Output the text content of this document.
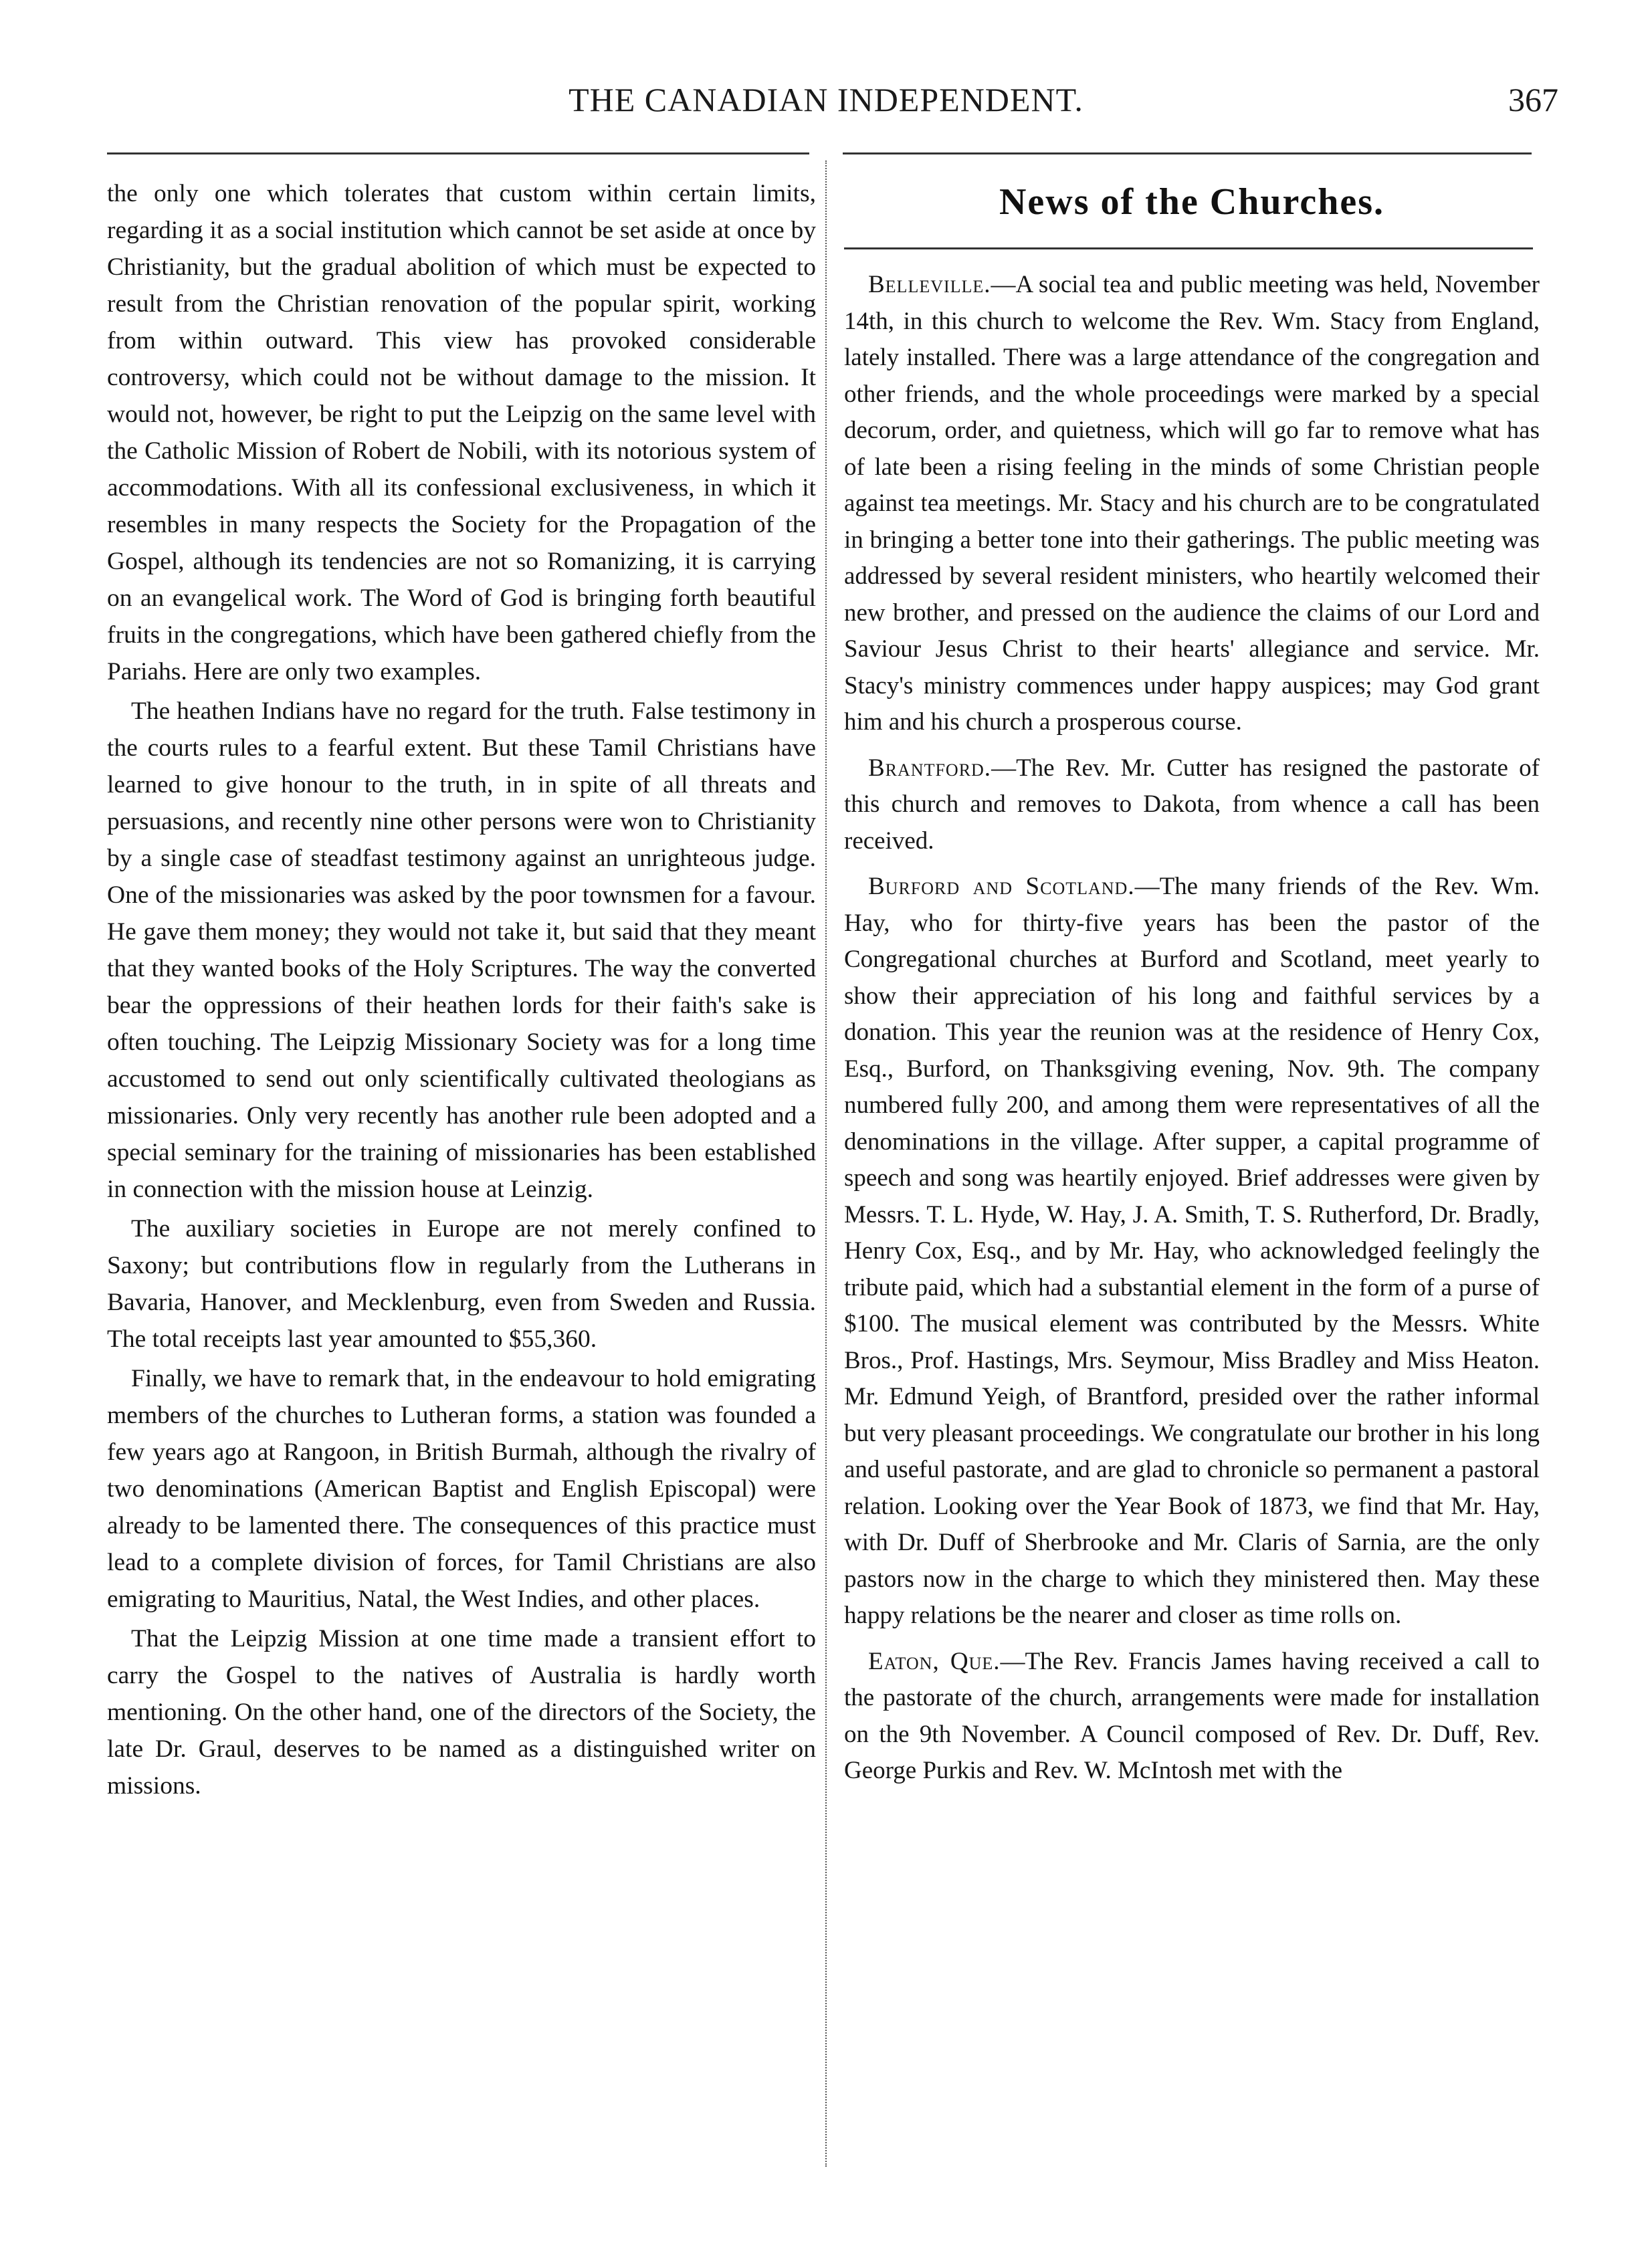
THE CANADIAN INDEPENDENT.	367

the only one which tolerates that custom within certain limits, regarding it as a social institution which cannot be set aside at once by Christianity, but the gradual abolition of which must be expected to result from the Christian renovation of the popular spirit, working from within outward. This view has provoked considerable controversy, which could not be without damage to the mission. It would not, however, be right to put the Leipzig on the same level with the Catholic Mission of Robert de Nobili, with its notorious system of accommodations. With all its confessional exclusiveness, in which it resembles in many respects the Society for the Propagation of the Gospel, although its tendencies are not so Romanizing, it is carrying on an evangelical work. The Word of God is bringing forth beautiful fruits in the congregations, which have been gathered chiefly from the Pariahs. Here are only two examples.

The heathen Indians have no regard for the truth. False testimony in the courts rules to a fearful extent. But these Tamil Christians have learned to give honour to the truth, in in spite of all threats and persuasions, and recently nine other persons were won to Christianity by a single case of steadfast testimony against an unrighteous judge. One of the missionaries was asked by the poor townsmen for a favour. He gave them money; they would not take it, but said that they meant that they wanted books of the Holy Scriptures. The way the converted bear the oppressions of their heathen lords for their faith's sake is often touching. The Leipzig Missionary Society was for a long time accustomed to send out only scientifically cultivated theologians as missionaries. Only very recently has another rule been adopted and a special seminary for the training of missionaries has been established in connection with the mission house at Leinzig.

The auxiliary societies in Europe are not merely confined to Saxony; but contributions flow in regularly from the Lutherans in Bavaria, Hanover, and Mecklenburg, even from Sweden and Russia. The total receipts last year amounted to $55,360.

Finally, we have to remark that, in the endeavour to hold emigrating members of the churches to Lutheran forms, a station was founded a few years ago at Rangoon, in British Burmah, although the rivalry of two denominations (American Baptist and English Episcopal) were already to be lamented there. The consequences of this practice must lead to a complete division of forces, for Tamil Christians are also emigrating to Mauritius, Natal, the West Indies, and other places.

That the Leipzig Mission at one time made a transient effort to carry the Gospel to the natives of Australia is hardly worth mentioning. On the other hand, one of the directors of the Society, the late Dr. Graul, deserves to be named as a distinguished writer on missions.

News of the Churches.

Belleville.—A social tea and public meeting was held, November 14th, in this church to welcome the Rev. Wm. Stacy from England, lately installed. There was a large attendance of the congregation and other friends, and the whole proceedings were marked by a special decorum, order, and quietness, which will go far to remove what has of late been a rising feeling in the minds of some Christian people against tea meetings. Mr. Stacy and his church are to be congratulated in bringing a better tone into their gatherings. The public meeting was addressed by several resident ministers, who heartily welcomed their new brother, and pressed on the audience the claims of our Lord and Saviour Jesus Christ to their hearts' allegiance and service. Mr. Stacy's ministry commences under happy auspices; may God grant him and his church a prosperous course.

Brantford.—The Rev. Mr. Cutter has resigned the pastorate of this church and removes to Dakota, from whence a call has been received.

Burford and Scotland.—The many friends of the Rev. Wm. Hay, who for thirty-five years has been the pastor of the Congregational churches at Burford and Scotland, meet yearly to show their appreciation of his long and faithful services by a donation. This year the reunion was at the residence of Henry Cox, Esq., Burford, on Thanksgiving evening, Nov. 9th. The company numbered fully 200, and among them were representatives of all the denominations in the village. After supper, a capital programme of speech and song was heartily enjoyed. Brief addresses were given by Messrs. T. L. Hyde, W. Hay, J. A. Smith, T. S. Rutherford, Dr. Bradly, Henry Cox, Esq., and by Mr. Hay, who acknowledged feelingly the tribute paid, which had a substantial element in the form of a purse of $100. The musical element was contributed by the Messrs. White Bros., Prof. Hastings, Mrs. Seymour, Miss Bradley and Miss Heaton. Mr. Edmund Yeigh, of Brantford, presided over the rather informal but very pleasant proceedings. We congratulate our brother in his long and useful pastorate, and are glad to chronicle so permanent a pastoral relation. Looking over the Year Book of 1873, we find that Mr. Hay, with Dr. Duff of Sherbrooke and Mr. Claris of Sarnia, are the only pastors now in the charge to which they ministered then. May these happy relations be the nearer and closer as time rolls on.

Eaton, Que.—The Rev. Francis James having received a call to the pastorate of the church, arrangements were made for installation on the 9th November. A Council composed of Rev. Dr. Duff, Rev. George Purkis and Rev. W. McIntosh met with the
